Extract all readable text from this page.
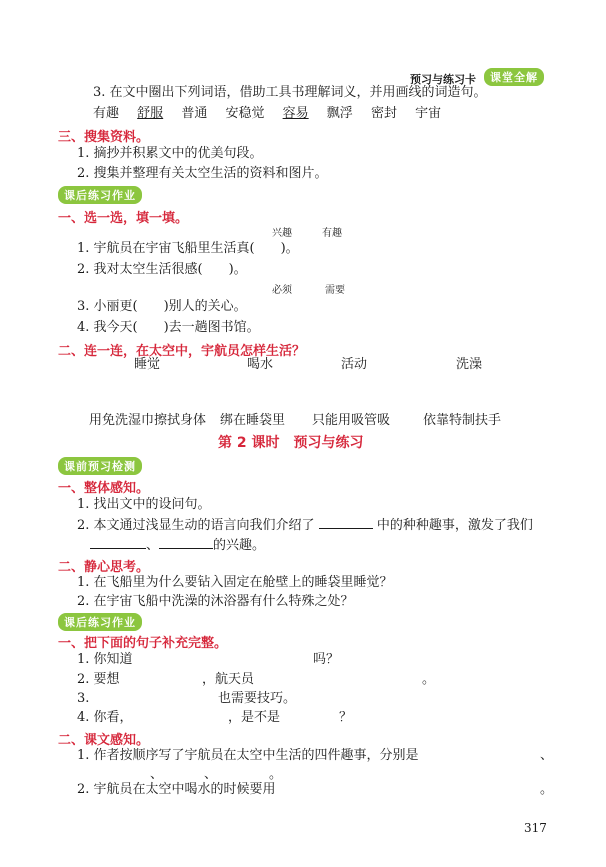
预习与练习卡	课堂全解
3. 在文中圈出下列词语，借助工具书理解词义，并用画线的词造句。
有趣 舒服 普通 安稳觉 容易 飘浮 密封 宇宙
三、搜集资料。
1. 摘抄并积累文中的优美句段。
2. 搜集并整理有关太空生活的资料和图片。
课后练习作业
一、选一选，填一填。
兴趣	有趣
1. 宇航员在宇宙飞船里生活真(　　)。
2. 我对太空生活很感(　　)。
必须	需要
3. 小丽更(　　)别人的关心。
4. 我今天(　　)去一趟图书馆。
二、连一连，在太空中，宇航员怎样生活？
睡觉	喝水	活动	洗澡
用免洗湿巾擦拭身体 绑在睡袋里 只能用吸管吸	依靠特制扶手
第 2 课时　预习与练习
课前预习检测
一、整体感知。
1. 找出文中的设问句。
2. 本文通过浅显生动的语言向我们介绍了	中的种种趣事，激发了我们
、	的兴趣。
二、静心思考。
1. 在飞船里为什么要钻入固定在舱壁上的睡袋里睡觉？
2. 在宇宙飞船中洗澡的沐浴器有什么特殊之处？
课后练习作业
一、把下面的句子补充完整。
1. 你知道	吗？
2. 要想	，航天员	。
3.	也需要技巧。
4. 你看，	，是不是	？
二、课文感知。
1. 作者按顺序写了宇航员在太空中生活的四件趣事，分别是	、
、	、	。
2. 宇航员在太空中喝水的时候要用	。
317
